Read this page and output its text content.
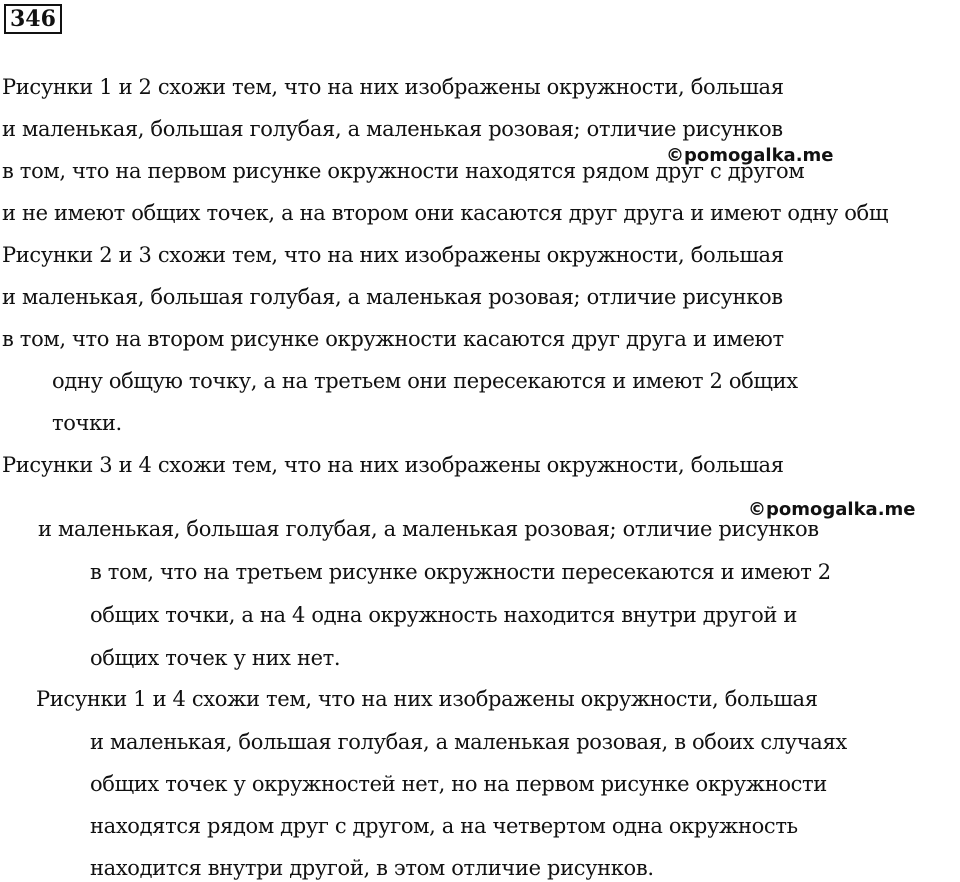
346
Рисунки 1 и 2 схожи тем, что на них изображены окружности, большая
и маленькая, большая голубая, а маленькая розовая; отличие рисунков
в том, что на первом рисунке окружности находятся рядом друг с другом
и не имеют общих точек, а на втором они касаются друг друга и имеют одну общ
Рисунки 2 и 3 схожи тем, что на них изображены окружности, большая
и маленькая, большая голубая, а маленькая розовая; отличие рисунков
в том, что на втором рисунке окружности касаются друг друга и имеют
одну общую точку, а на третьем они пересекаются и имеют 2 общих
точки.
Рисунки 3 и 4 схожи тем, что на них изображены окружности, большая
и маленькая, большая голубая, а маленькая розовая; отличие рисунков
в том, что на третьем рисунке окружности пересекаются и имеют 2
общих точки, а на 4 одна окружность находится внутри другой и
общих точек у них нет.
Рисунки 1 и 4 схожи тем, что на них изображены окружности, большая
и маленькая, большая голубая, а маленькая розовая, в обоих случаях
общих точек у окружностей нет, но на первом рисунке окружности
находятся рядом друг с другом, а на четвертом одна окружность
находится внутри другой, в этом отличие рисунков.
©pomogalka.me
©pomogalka.me
